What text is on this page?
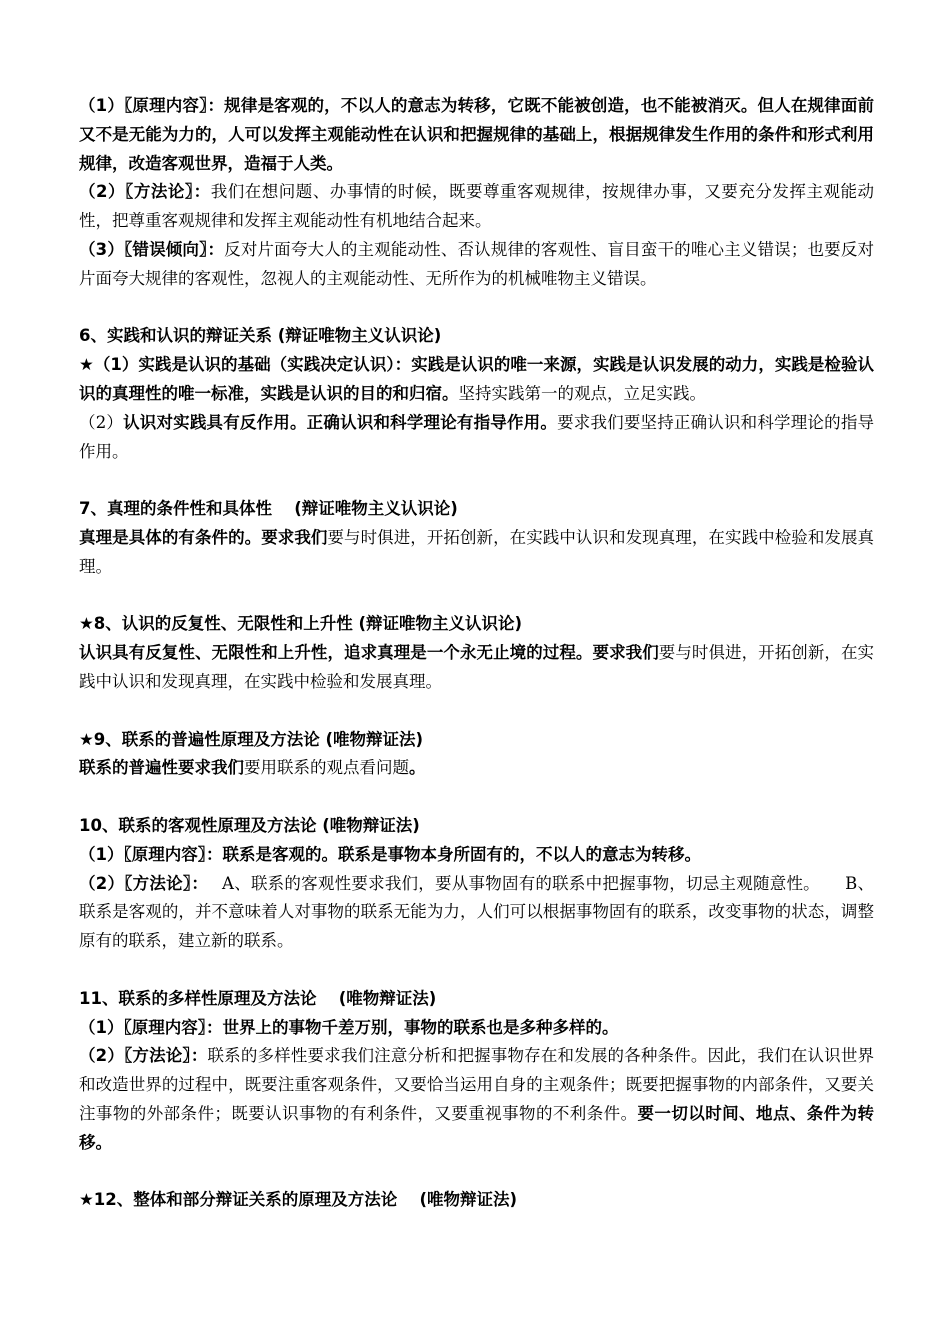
（1）〖原理内容〗：规律是客观的，不以人的意志为转移，它既不能被创造，也不能被消灭。但人在规律面前又不是无能为力的，人可以发挥主观能动性在认识和把握规律的基础上，根据规律发生作用的条件和形式利用规律，改造客观世界，造福于人类。

（2）〖方法论〗：我们在想问题、办事情的时候，既要尊重客观规律，按规律办事，又要充分发挥主观能动性，把尊重客观规律和发挥主观能动性有机地结合起来。

（3）〖错误倾向〗：反对片面夸大人的主观能动性、否认规律的客观性、盲目蛮干的唯心主义错误；也要反对片面夸大规律的客观性，忽视人的主观能动性、无所作为的机械唯物主义错误。

6、实践和认识的辩证关系 (辩证唯物主义认识论)

★（1）实践是认识的基础（实践决定认识）：实践是认识的唯一来源，实践是认识发展的动力，实践是检验认识的真理性的唯一标准，实践是认识的目的和归宿。坚持实践第一的观点，立足实践。

（2）认识对实践具有反作用。正确认识和科学理论有指导作用。要求我们要坚持正确认识和科学理论的指导作用。

7、真理的条件性和具体性　 (辩证唯物主义认识论)

真理是具体的有条件的。要求我们要与时俱进，开拓创新，在实践中认识和发现真理，在实践中检验和发展真理。

★8、认识的反复性、无限性和上升性 (辩证唯物主义认识论)

认识具有反复性、无限性和上升性，追求真理是一个永无止境的过程。要求我们要与时俱进，开拓创新，在实践中认识和发现真理，在实践中检验和发展真理。

★9、联系的普遍性原理及方法论 (唯物辩证法)

联系的普遍性要求我们要用联系的观点看问题。

10、联系的客观性原理及方法论 (唯物辩证法)

（1）〖原理内容〗：联系是客观的。联系是事物本身所固有的，不以人的意志为转移。

（2）〖方法论〗：　 A、联系的客观性要求我们，要从事物固有的联系中把握事物，切忌主观随意性。　　B、联系是客观的，并不意味着人对事物的联系无能为力，人们可以根据事物固有的联系，改变事物的状态，调整原有的联系，建立新的联系。

11、联系的多样性原理及方法论　 (唯物辩证法)

（1）〖原理内容〗：世界上的事物千差万别，事物的联系也是多种多样的。

（2）〖方法论〗：联系的多样性要求我们注意分析和把握事物存在和发展的各种条件。因此，我们在认识世界和改造世界的过程中，既要注重客观条件，又要恰当运用自身的主观条件；既要把握事物的内部条件，又要关注事物的外部条件；既要认识事物的有利条件，又要重视事物的不利条件。要一切以时间、地点、条件为转移。

★12、整体和部分辩证关系的原理及方法论　 (唯物辩证法)
